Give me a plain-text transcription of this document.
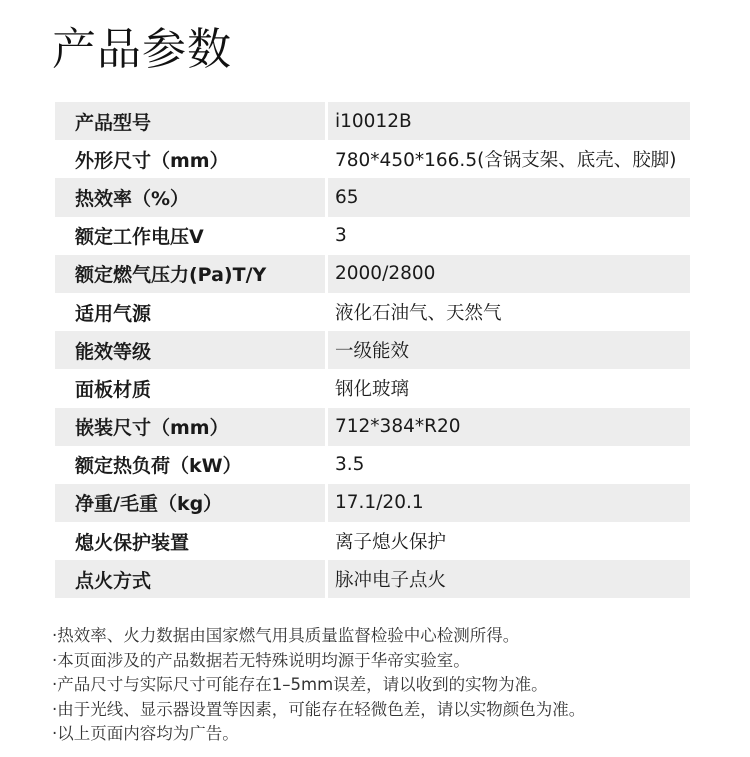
产品参数
产品型号	i10012B
外形尺寸（mm）	780*450*166.5(含锅支架、底壳、胶脚)
热效率（%）	65
额定工作电压V	3
额定燃气压力(Pa)T/Y	2000/2800
适用气源	液化石油气、天然气
能效等级	一级能效
面板材质	钢化玻璃
嵌装尺寸（mm）	712*384*R20
额定热负荷（kW）	3.5
净重/毛重（kg）	17.1/20.1
熄火保护装置	离子熄火保护
点火方式	脉冲电子点火
·热效率、火力数据由国家燃气用具质量监督检验中心检测所得。
·本页面涉及的产品数据若无特殊说明均源于华帝实验室。
·产品尺寸与实际尺寸可能存在1–5mm误差，请以收到的实物为准。
·由于光线、显示器设置等因素，可能存在轻微色差，请以实物颜色为准。
·以上页面内容均为广告。
